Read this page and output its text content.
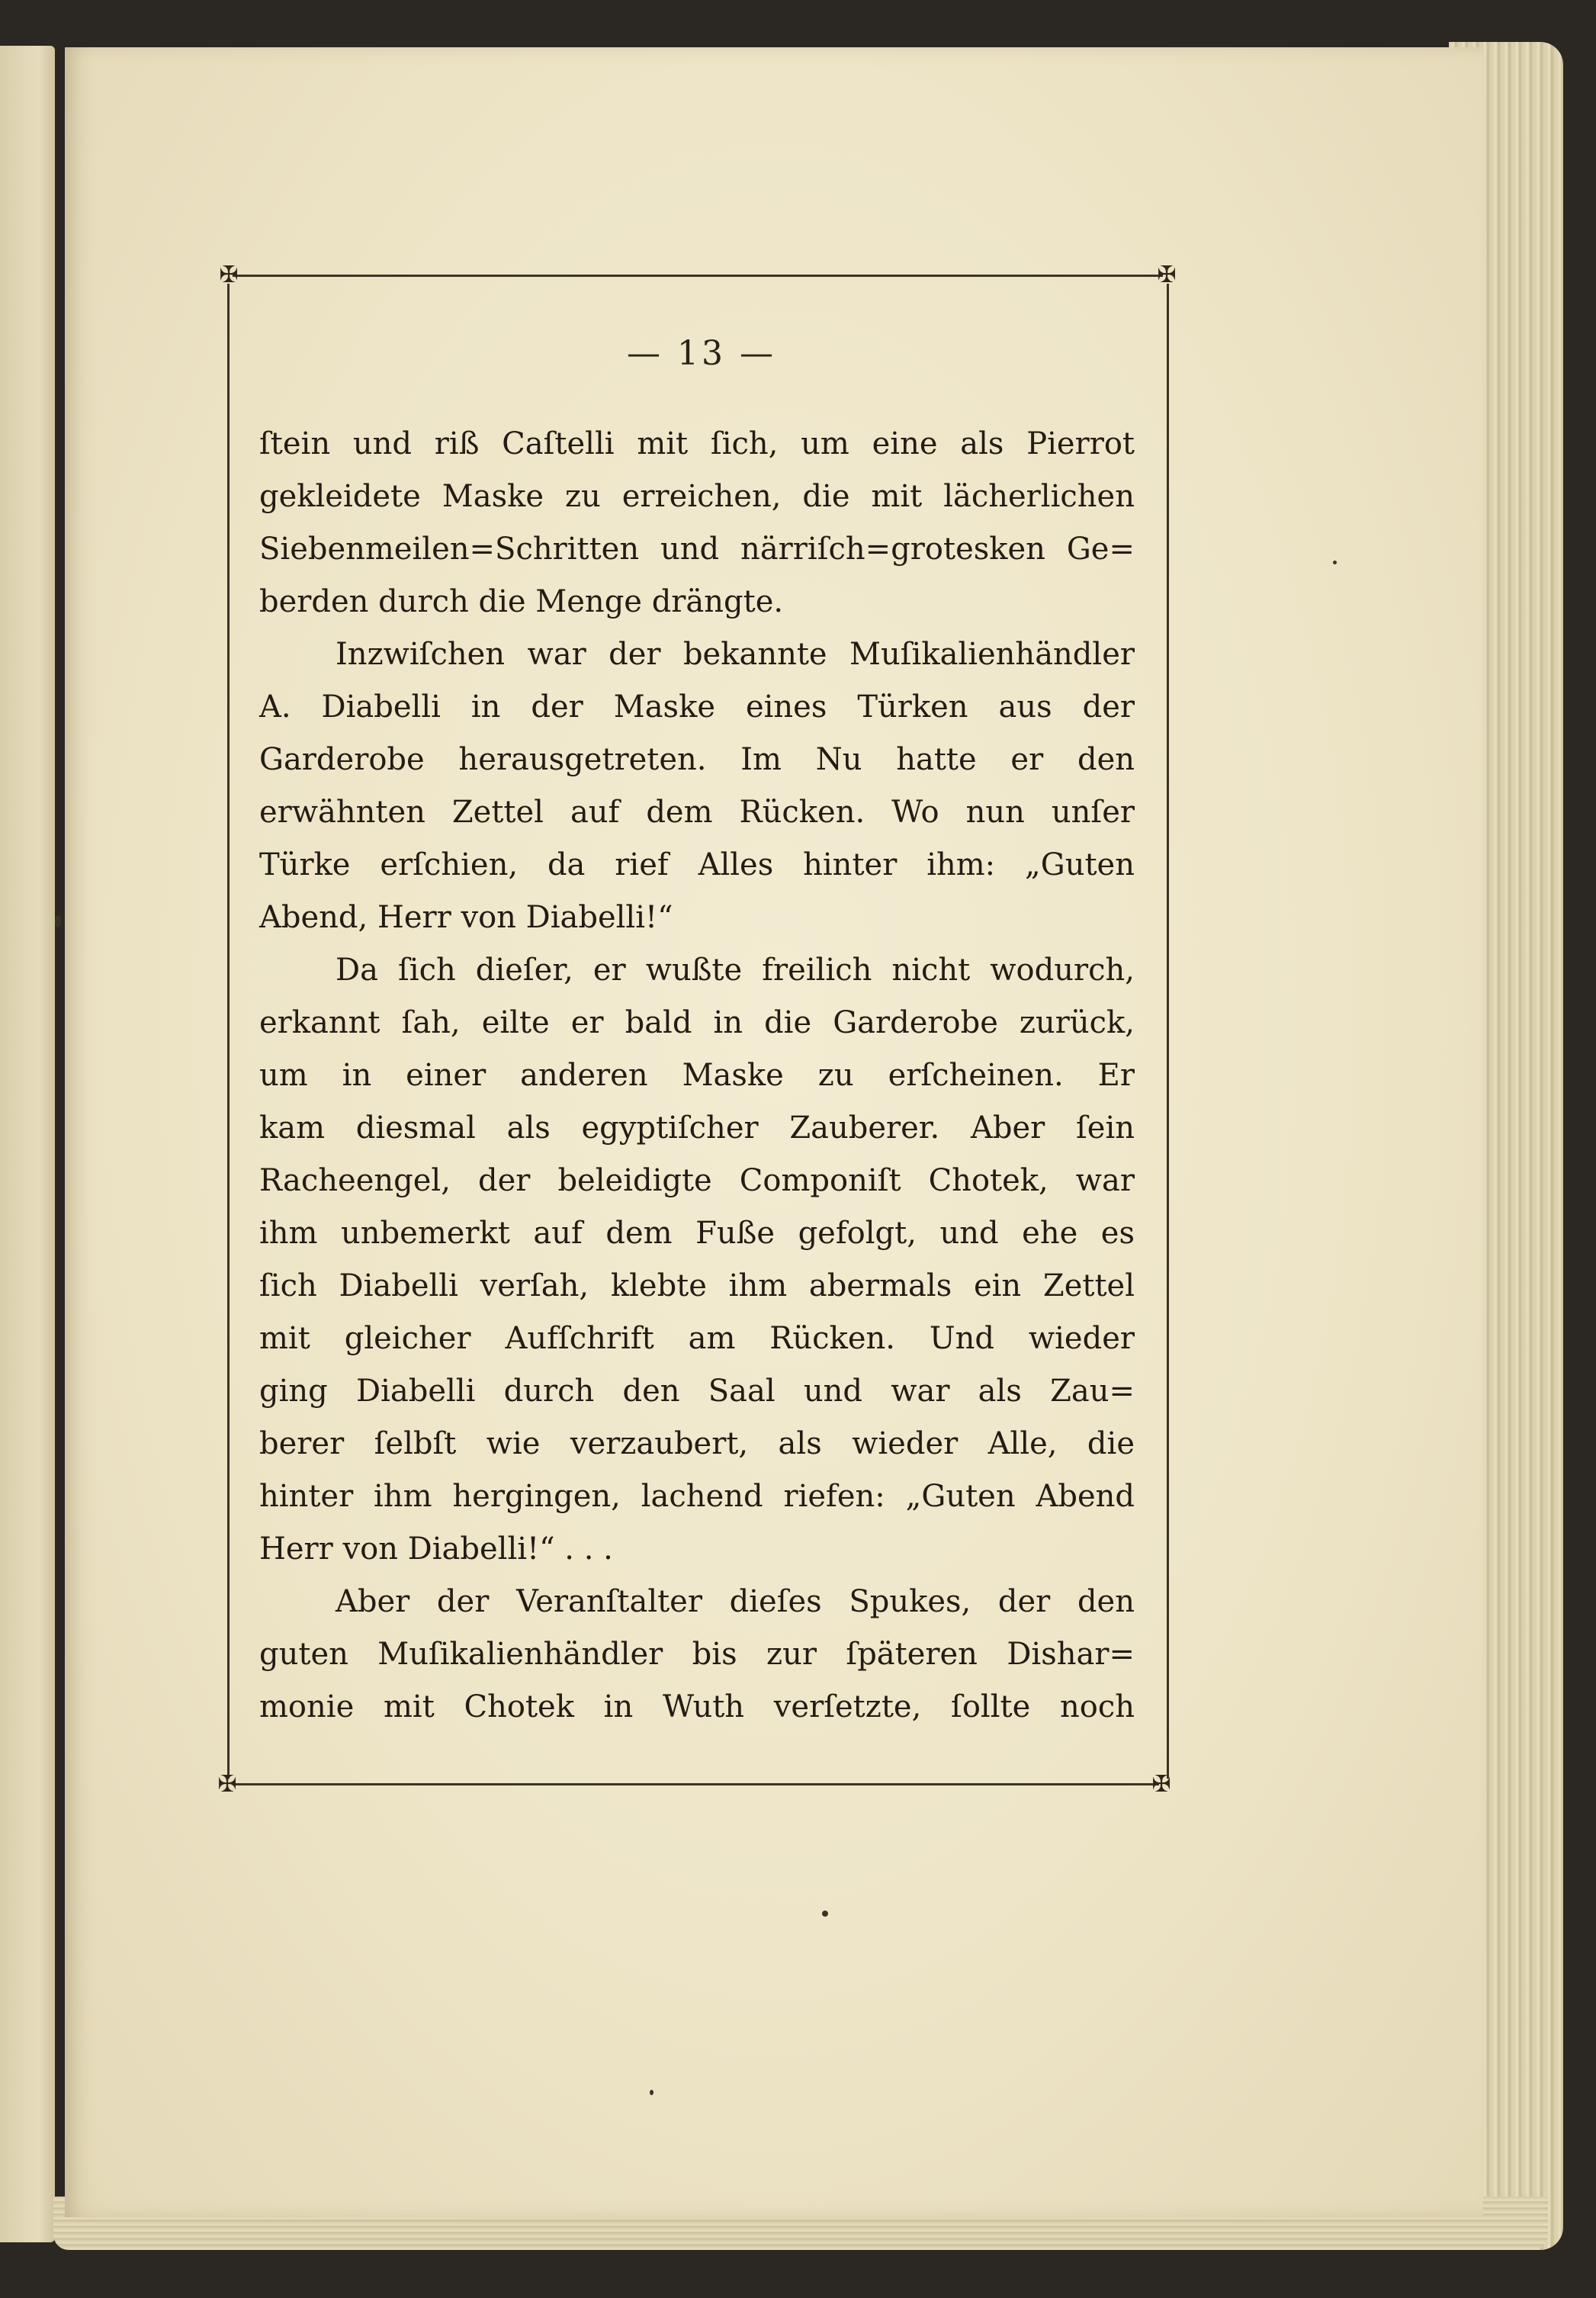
✠	✠
✠	✠
— 13 —
ſtein und riß Caſtelli mit ſich, um eine als Pierrot
gekleidete Maske zu erreichen, die mit lächerlichen
Siebenmeilen=Schritten und närriſch=grotesken Ge=
berden durch die Menge drängte.
Inzwiſchen war der bekannte Muſikalienhändler
A. Diabelli in der Maske eines Türken aus der
Garderobe herausgetreten. Im Nu hatte er den
erwähnten Zettel auf dem Rücken. Wo nun unſer
Türke erſchien, da rief Alles hinter ihm: „Guten
Abend, Herr von Diabelli!“
Da ſich dieſer, er wußte freilich nicht wodurch,
erkannt ſah, eilte er bald in die Garderobe zurück,
um in einer anderen Maske zu erſcheinen. Er
kam diesmal als egyptiſcher Zauberer. Aber ſein
Racheengel, der beleidigte Componiſt Chotek, war
ihm unbemerkt auf dem Fuße gefolgt, und ehe es
ſich Diabelli verſah, klebte ihm abermals ein Zettel
mit gleicher Aufſchrift am Rücken. Und wieder
ging Diabelli durch den Saal und war als Zau=
berer ſelbſt wie verzaubert, als wieder Alle, die
hinter ihm hergingen, lachend riefen: „Guten Abend
Herr von Diabelli!“ . . .
Aber der Veranſtalter dieſes Spukes, der den
guten Muſikalienhändler bis zur ſpäteren Dishar=
monie mit Chotek in Wuth verſetzte, ſollte noch
